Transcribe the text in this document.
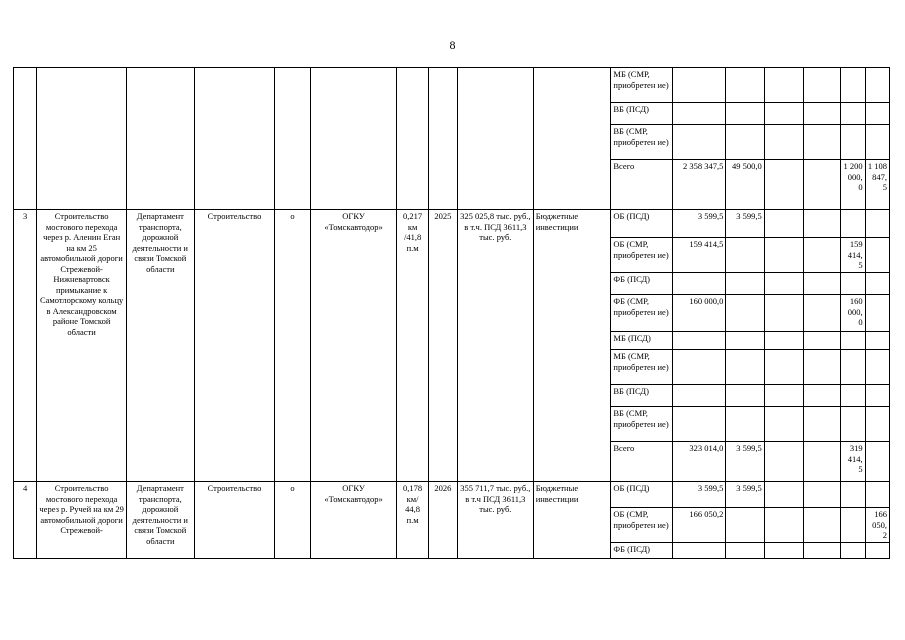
8
										МБ (СМР, приобретен ие)						
										ВБ (ПСД)						
										ВБ (СМР, приобретен ие)						
										Всего	2 358 347,5	49 500,0			1 200 000, 0	1 108 847, 5
3	Строительство мостового перехода через р. Аленин Еган на км 25 автомобильной дороги Стрежевой-Нижневартовск примыкание к Самотлорскому кольцу в Александровском районе Томской области	Департамент транспорта, дорожной деятельности и связи Томской области	Строительство	о	ОГКУ «Томскавтодор»	0,217 км /41,8 п.м	2025	325 025,8 тыс. руб., в т.ч. ПСД 3611,3 тыс. руб.	Бюджетные инвестиции	ОБ (ПСД)	3 599,5	3 599,5				
										ОБ (СМР, приобретен ие)	159 414,5				159 414, 5	
										ФБ (ПСД)						
										ФБ (СМР, приобретен ие)	160 000,0				160 000, 0	
										МБ (ПСД)						
										МБ (СМР, приобретен ие)						
										ВБ (ПСД)						
										ВБ (СМР, приобретен ие)						
										Всего	323 014,0	3 599,5			319 414, 5	
4	Строительство мостового перехода через р. Ручей на км 29 автомобильной дороги Стрежевой-	Департамент транспорта, дорожной деятельности и связи Томской области	Строительство	о	ОГКУ «Томскавтодор»	0,178 км/ 44,8 п.м	2026	355 711,7 тыс. руб., в т.ч ПСД 3611,3 тыс. руб.	Бюджетные инвестиции	ОБ (ПСД)	3 599,5	3 599,5				
										ОБ (СМР, приобретен ие)	166 050,2					166 050, 2
										ФБ (ПСД)						
